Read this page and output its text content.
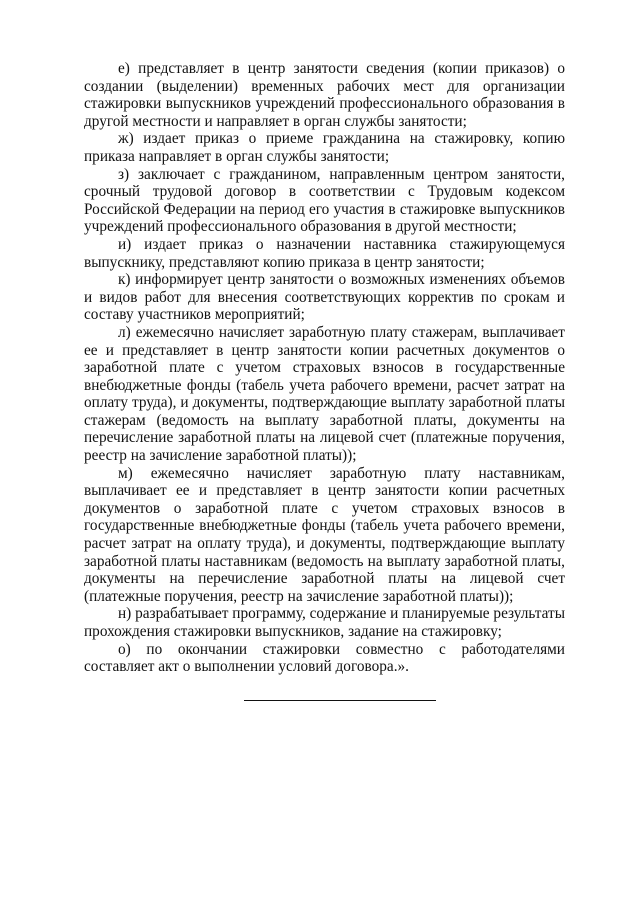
е) представляет в центр занятости сведения (копии приказов) о создании (выделении) временных рабочих мест для организации стажировки выпускников учреждений профессионального образования в другой местности и направляет в орган службы занятости;

ж) издает приказ о приеме гражданина на стажировку, копию приказа направляет в орган службы занятости;

з) заключает с гражданином, направленным центром занятости, срочный трудовой договор в соответствии с Трудовым кодексом Российской Федерации на период его участия в стажировке выпускников учреждений профессионального образования в другой местности;

и) издает приказ о назначении наставника стажирующемуся выпускнику, представляют копию приказа в центр занятости;

к) информирует центр занятости о возможных изменениях объемов и видов работ для внесения соответствующих корректив по срокам и составу участников мероприятий;

л) ежемесячно начисляет заработную плату стажерам, выплачивает ее и представляет в центр занятости копии расчетных документов о заработной плате с учетом страховых взносов в государственные внебюджетные фонды (табель учета рабочего времени, расчет затрат на оплату труда), и документы, подтверждающие выплату заработной платы стажерам (ведомость на выплату заработной платы, документы на перечисление заработной платы на лицевой счет (платежные поручения, реестр на зачисление заработной платы));

м) ежемесячно начисляет заработную плату наставникам, выплачивает ее и представляет в центр занятости копии расчетных документов о заработной плате с учетом страховых взносов в государственные внебюджетные фонды (табель учета рабочего времени, расчет затрат на оплату труда), и документы, подтверждающие выплату заработной платы наставникам (ведомость на выплату заработной платы, документы на перечисление заработной платы на лицевой счет (платежные поручения, реестр на зачисление заработной платы));

н) разрабатывает программу, содержание и планируемые результаты прохождения стажировки выпускников, задание на стажировку;

о) по окончании стажировки совместно с работодателями составляет акт о выполнении условий договора.».
